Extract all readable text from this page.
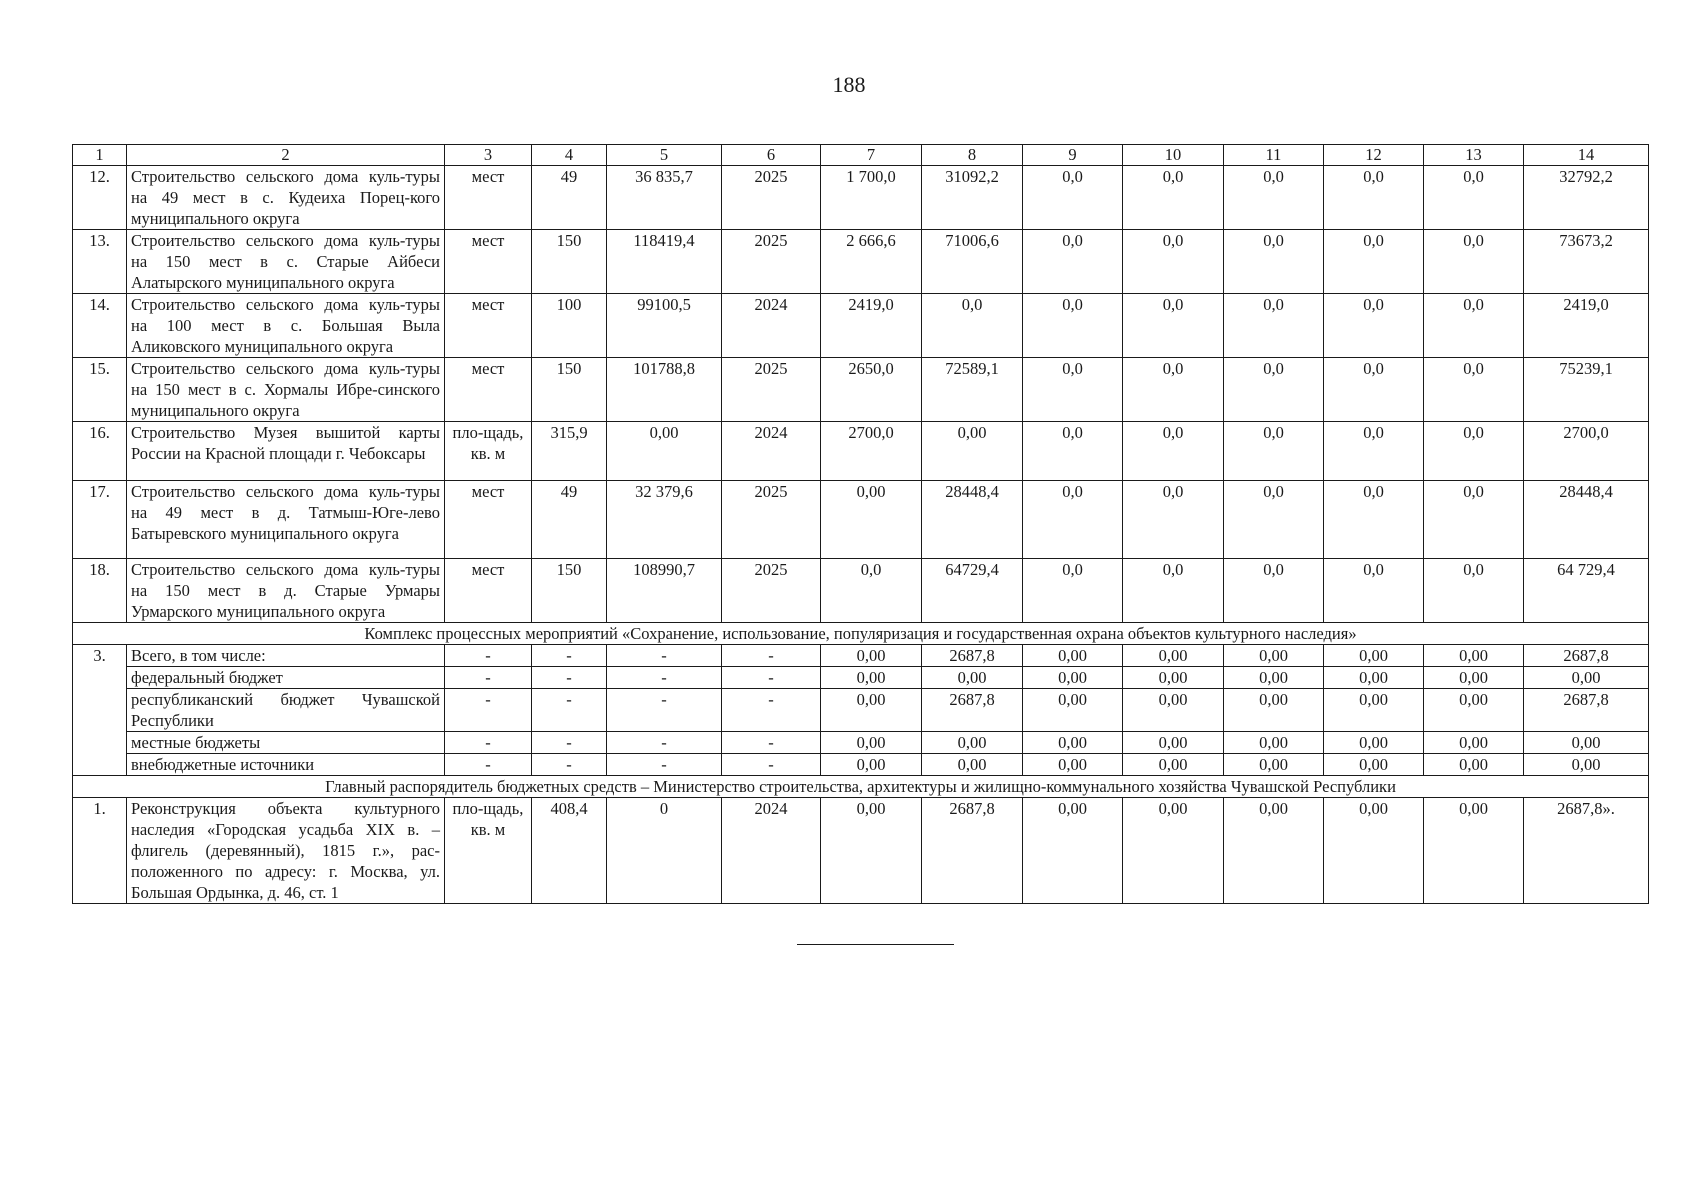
188
1	2	3	4	5	6	7	8	9	10	11	12	13	14
12.	Строительство сельского дома куль-туры на 49 мест в с. Кудеиха Порец-кого муниципального округа	мест	49	36 835,7	2025	1 700,0	31092,2	0,0	0,0	0,0	0,0	0,0	32792,2
13.	Строительство сельского дома куль-туры на 150 мест в с. Старые Айбеси Алатырского муниципального округа	мест	150	118419,4	2025	2 666,6	71006,6	0,0	0,0	0,0	0,0	0,0	73673,2
14.	Строительство сельского дома куль-туры на 100 мест в с. Большая Выла Аликовского муниципального округа	мест	100	99100,5	2024	2419,0	0,0	0,0	0,0	0,0	0,0	0,0	2419,0
15.	Строительство сельского дома куль-туры на 150 мест в с. Хормалы Ибре-синского муниципального округа	мест	150	101788,8	2025	2650,0	72589,1	0,0	0,0	0,0	0,0	0,0	75239,1
16.	Строительство Музея вышитой карты России на Красной площади г. Чебоксары	пло-щадь, кв. м	315,9	0,00	2024	2700,0	0,00	0,0	0,0	0,0	0,0	0,0	2700,0
17.	Строительство сельского дома куль-туры на 49 мест в д. Татмыш-Юге-лево Батыревского муниципального округа	мест	49	32 379,6	2025	0,00	28448,4	0,0	0,0	0,0	0,0	0,0	28448,4
18.	Строительство сельского дома куль-туры на 150 мест в д. Старые Урмары Урмарского муниципального округа	мест	150	108990,7	2025	0,0	64729,4	0,0	0,0	0,0	0,0	0,0	64 729,4
Комплекс процессных мероприятий «Сохранение, использование, популяризация и государственная охрана объектов культурного наследия»													
3.	Всего, в том числе:	-	-	-	-	0,00	2687,8	0,00	0,00	0,00	0,00	0,00	2687,8
	федеральный бюджет	-	-	-	-	0,00	0,00	0,00	0,00	0,00	0,00	0,00	0,00
	республиканский бюджет Чувашской Республики	-	-	-	-	0,00	2687,8	0,00	0,00	0,00	0,00	0,00	2687,8
	местные бюджеты	-	-	-	-	0,00	0,00	0,00	0,00	0,00	0,00	0,00	0,00
	внебюджетные источники	-	-	-	-	0,00	0,00	0,00	0,00	0,00	0,00	0,00	0,00
Главный распорядитель бюджетных средств – Министерство строительства, архитектуры и жилищно-коммунального хозяйства Чувашской Республики													
1.	Реконструкция объекта культурного наследия «Городская усадьба XIX в. – флигель (деревянный), 1815 г.», рас-положенного по адресу: г. Москва, ул. Большая Ордынка, д. 46, ст. 1	пло-щадь, кв. м	408,4	0	2024	0,00	2687,8	0,00	0,00	0,00	0,00	0,00	2687,8».
